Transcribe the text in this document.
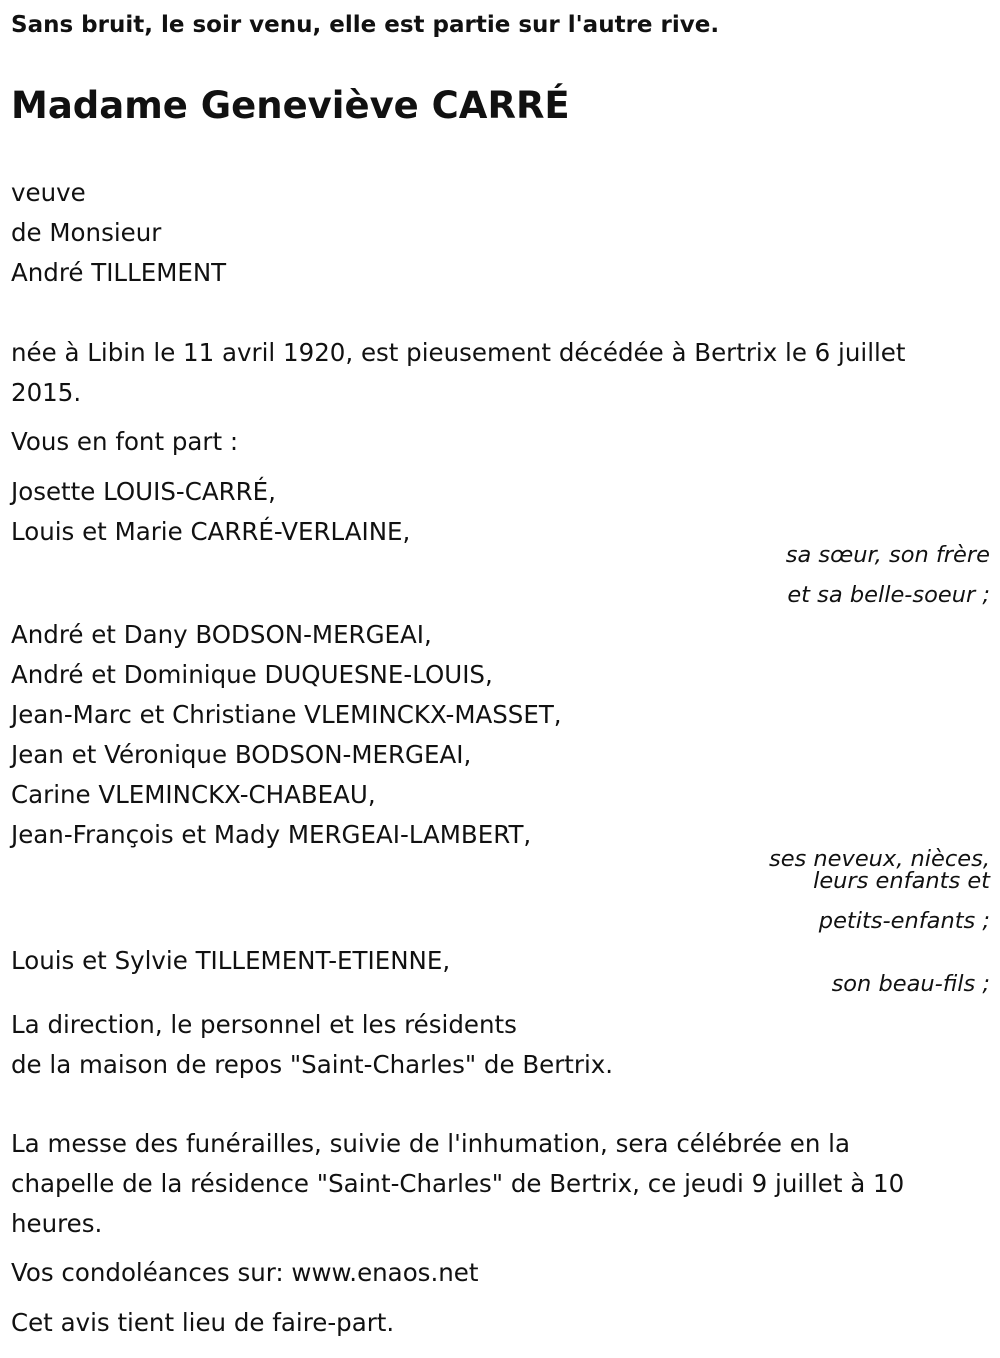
Sans bruit, le soir venu, elle est partie sur l'autre rive.
Madame Geneviève CARRÉ
veuve
de Monsieur
André TILLEMENT
née à Libin le 11 avril 1920, est pieusement décédée à Bertrix le 6 juillet
2015.
Vous en font part :
Josette LOUIS-CARRÉ,
Louis et Marie CARRÉ-VERLAINE,
sa sœur, son frère
et sa belle-soeur ;
André et Dany BODSON-MERGEAI,
André et Dominique DUQUESNE-LOUIS,
Jean-Marc et Christiane VLEMINCKX-MASSET,
Jean et Véronique BODSON-MERGEAI,
Carine VLEMINCKX-CHABEAU,
Jean-François et Mady MERGEAI-LAMBERT,
ses neveux, nièces,
leurs enfants et
petits-enfants ;
Louis et Sylvie TILLEMENT-ETIENNE,
son beau-fils ;
La direction, le personnel et les résidents
de la maison de repos "Saint-Charles" de Bertrix.
La messe des funérailles, suivie de l'inhumation, sera célébrée en la
chapelle de la résidence "Saint-Charles" de Bertrix, ce jeudi 9 juillet à 10
heures.
Vos condoléances sur: www.enaos.net
Cet avis tient lieu de faire-part.
